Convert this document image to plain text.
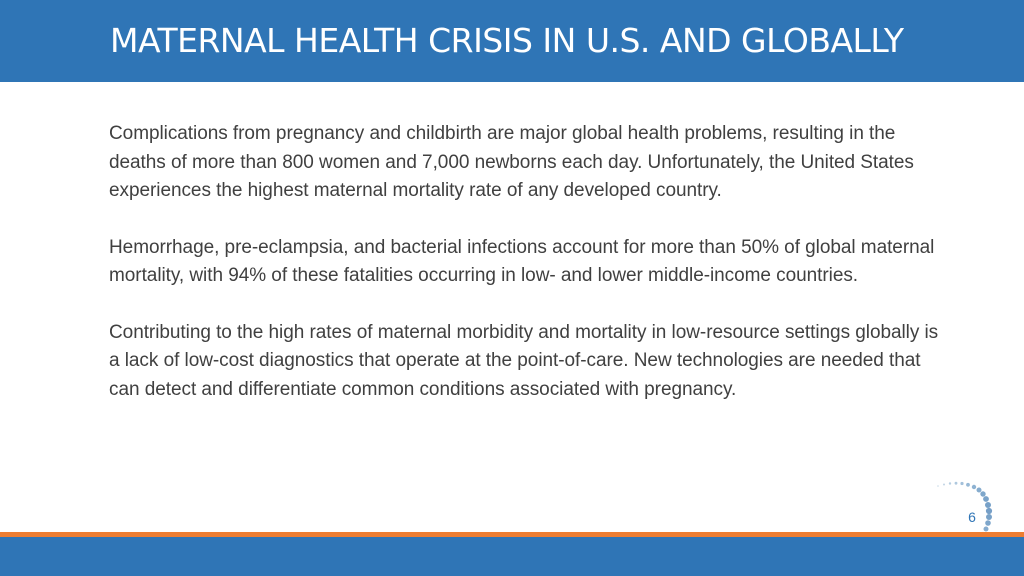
MATERNAL HEALTH CRISIS IN U.S. AND GLOBALLY

Complications from pregnancy and childbirth are major global health problems, resulting in the deaths of more than 800 women and 7,000 newborns each day. Unfortunately, the United States experiences the highest maternal mortality rate of any developed country.

Hemorrhage, pre-eclampsia, and bacterial infections account for more than 50% of global maternal mortality, with 94% of these fatalities occurring in low- and lower middle-income countries.

Contributing to the high rates of maternal morbidity and mortality in low-resource settings globally is a lack of low-cost diagnostics that operate at the point-of-care. New technologies are needed that can detect and differentiate common conditions associated with pregnancy.

6
